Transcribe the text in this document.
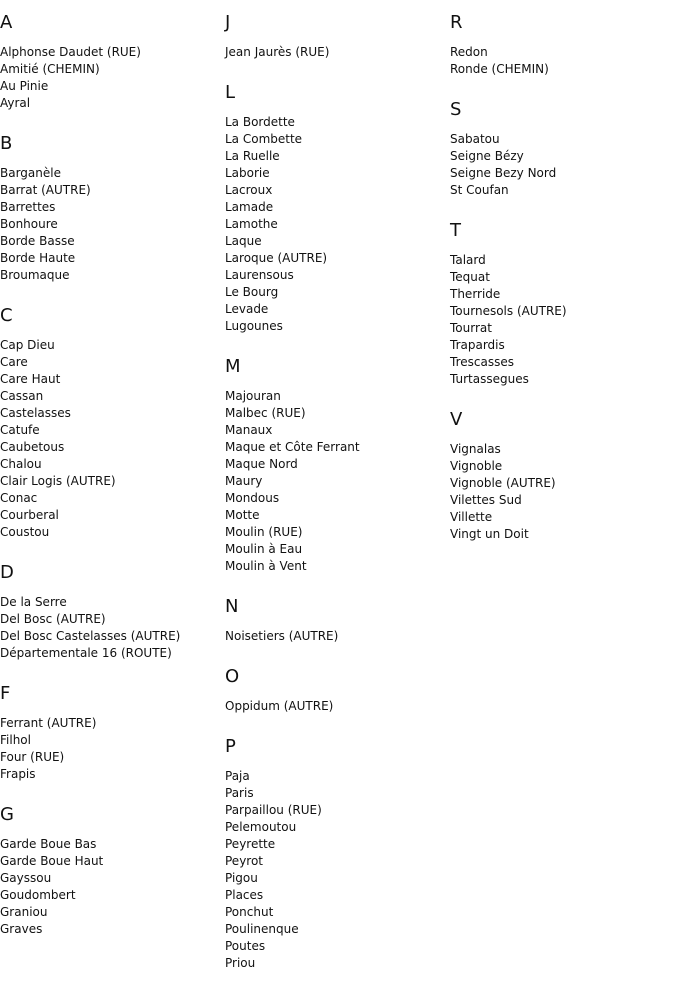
A
Alphonse Daudet (RUE)
Amitié (CHEMIN)
Au Pinie
Ayral
B
Barganèle
Barrat (AUTRE)
Barrettes
Bonhoure
Borde Basse
Borde Haute
Broumaque
C
Cap Dieu
Care
Care Haut
Cassan
Castelasses
Catufe
Caubetous
Chalou
Clair Logis (AUTRE)
Conac
Courberal
Coustou
D
De la Serre
Del Bosc (AUTRE)
Del Bosc Castelasses (AUTRE)
Départementale 16 (ROUTE)
F
Ferrant (AUTRE)
Filhol
Four (RUE)
Frapis
G
Garde Boue Bas
Garde Boue Haut
Gayssou
Goudombert
Graniou
Graves
J
Jean Jaurès (RUE)
L
La Bordette
La Combette
La Ruelle
Laborie
Lacroux
Lamade
Lamothe
Laque
Laroque (AUTRE)
Laurensous
Le Bourg
Levade
Lugounes
M
Majouran
Malbec (RUE)
Manaux
Maque et Côte Ferrant
Maque Nord
Maury
Mondous
Motte
Moulin (RUE)
Moulin à Eau
Moulin à Vent
N
Noisetiers (AUTRE)
O
Oppidum (AUTRE)
P
Paja
Paris
Parpaillou (RUE)
Pelemoutou
Peyrette
Peyrot
Pigou
Places
Ponchut
Poulinenque
Poutes
Priou
R
Redon
Ronde (CHEMIN)
S
Sabatou
Seigne Bézy
Seigne Bezy Nord
St Coufan
T
Talard
Tequat
Therride
Tournesols (AUTRE)
Tourrat
Trapardis
Trescasses
Turtassegues
V
Vignalas
Vignoble
Vignoble (AUTRE)
Vilettes Sud
Villette
Vingt un Doit
